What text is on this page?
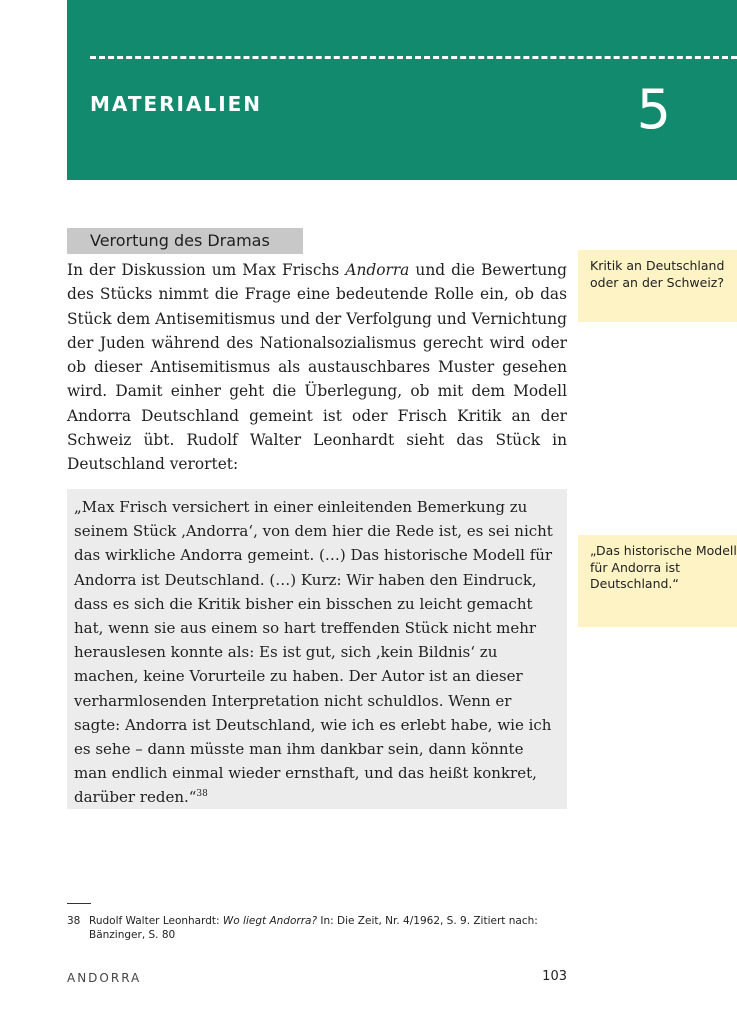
MATERIALIEN	5
Verortung des Dramas

In der Diskussion um Max Frischs Andorra und die Bewertung des Stücks nimmt die Frage eine bedeutende Rolle ein, ob das Stück dem Antisemitismus und der Verfolgung und Vernichtung der Juden während des Nationalsozialismus gerecht wird oder ob dieser Antisemitismus als austauschbares Muster gesehen wird. Damit einher geht die Überlegung, ob mit dem Modell Andorra Deutschland gemeint ist oder Frisch Kritik an der Schweiz übt. Rudolf Walter Leonhardt sieht das Stück in Deutschland verortet:

„Max Frisch versichert in einer einleitenden Bemerkung zu seinem Stück ‚Andorra‘, von dem hier die Rede ist, es sei nicht das wirkliche Andorra gemeint. (…) Das historische Modell für Andorra ist Deutschland. (…) Kurz: Wir haben den Eindruck, dass es sich die Kritik bisher ein bisschen zu leicht gemacht hat, wenn sie aus einem so hart treffenden Stück nicht mehr herauslesen konnte als: Es ist gut, sich ‚kein Bildnis‘ zu machen, keine Vorurteile zu haben. Der Autor ist an dieser verharmlosenden Interpretation nicht schuldlos. Wenn er sagte: Andorra ist Deutschland, wie ich es erlebt habe, wie ich es sehe – dann müsste man ihm dankbar sein, dann könnte man endlich einmal wieder ernsthaft, und das heißt konkret, darüber reden.“$^{38}$

Kritik an Deutschland oder an der Schweiz?
„Das historische Modell für Andorra ist Deutschland.“
38 Rudolf Walter Leonhardt: Wo liegt Andorra? In: Die Zeit, Nr. 4/1962, S. 9. Zitiert nach: Bänzinger, S. 80
ANDORRA	103
